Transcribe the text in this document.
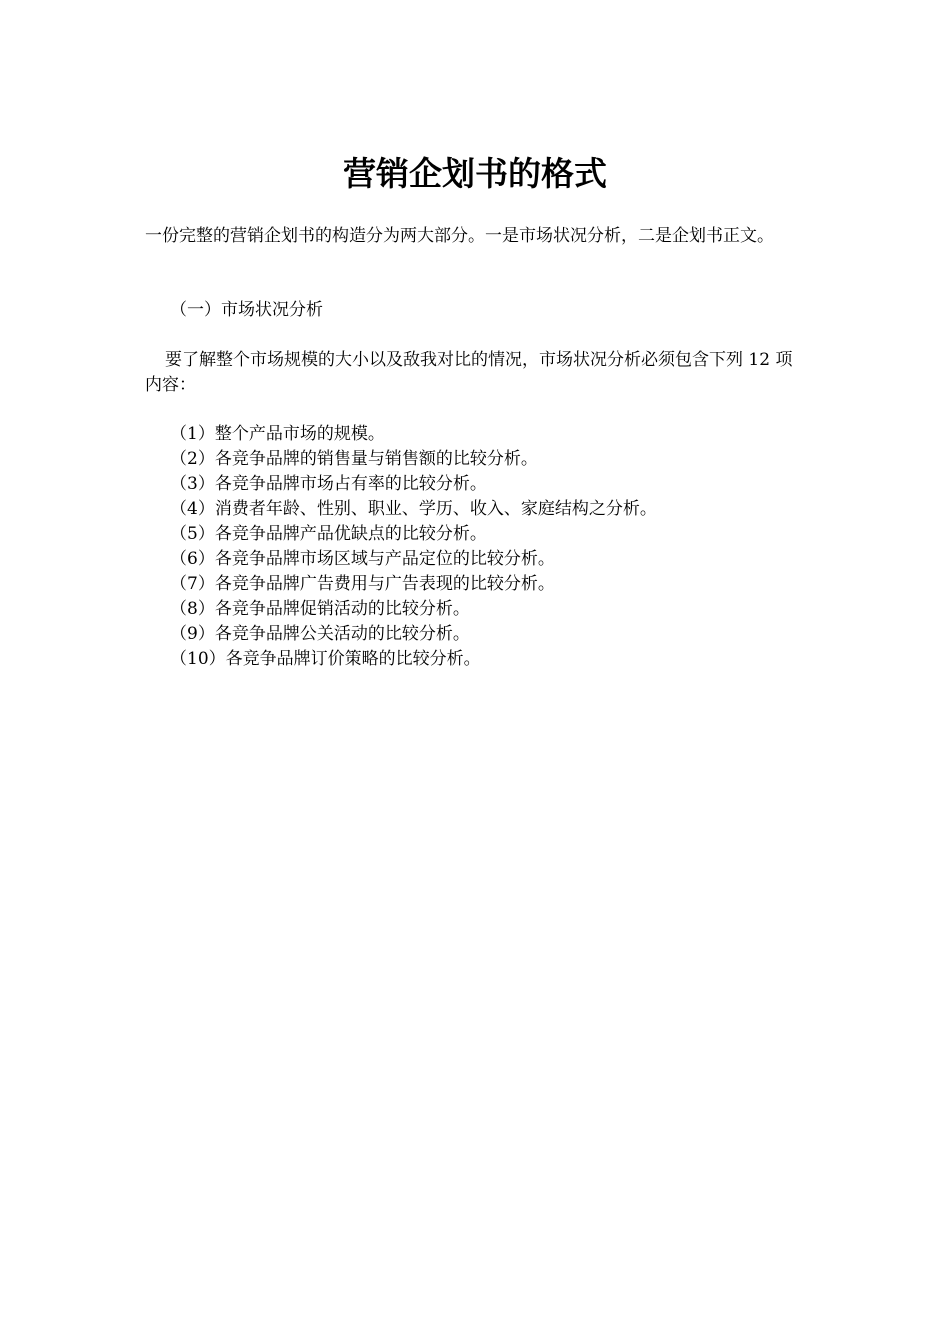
营销企划书的格式

一份完整的营销企划书的构造分为两大部分。一是市场状况分析，二是企划书正文。

（一）市场状况分析

要了解整个市场规模的大小以及敌我对比的情况，市场状况分析必须包含下列 12 项内容：

（1）整个产品市场的规模。
（2）各竞争品牌的销售量与销售额的比较分析。
（3）各竞争品牌市场占有率的比较分析。
（4）消费者年龄、性别、职业、学历、收入、家庭结构之分析。
（5）各竞争品牌产品优缺点的比较分析。
（6）各竞争品牌市场区域与产品定位的比较分析。
（7）各竞争品牌广告费用与广告表现的比较分析。
（8）各竞争品牌促销活动的比较分析。
（9）各竞争品牌公关活动的比较分析。
（10）各竞争品牌订价策略的比较分析。
